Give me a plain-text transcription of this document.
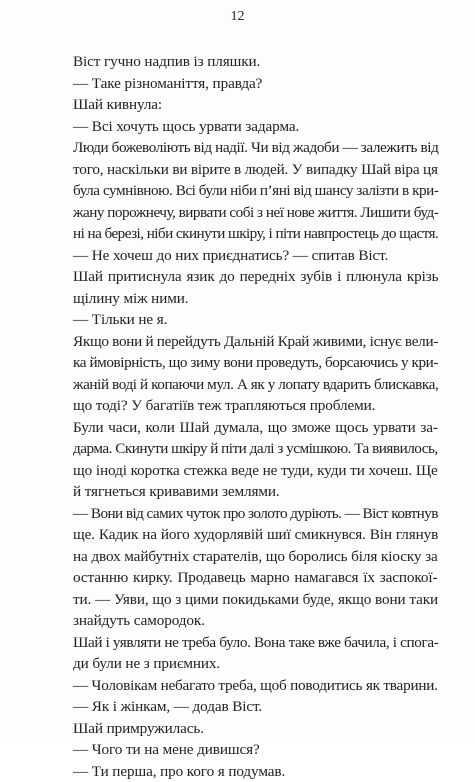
12
Віст гучно надпив із пляшки.
— Таке різноманіття, правда?
Шай кивнула:
— Всі хочуть щось урвати задарма.
Люди божеволіють від надії. Чи від жадоби — залежить від
того, наскільки ви вірите в людей. У випадку Шай віра ця
була сумнівною. Всі були ніби п’яні від шансу залізти в кри-
жану порожнечу, вирвати собі з неї нове життя. Лишити буд-
ні на березі, ніби скинути шкіру, і піти навпростець до щастя.
— Не хочеш до них приєднатись? — спитав Віст.
Шай притиснула язик до передніх зубів і плюнула крізь
щілину між ними.
— Тільки не я.
Якщо вони й перейдуть Дальній Край живими, існує вели-
ка ймовірність, що зиму вони проведуть, борсаючись у кри-
жаній воді й копаючи мул. А як у лопату вдарить блискавка,
що тоді? У багатіїв теж трапляються проблеми.
Були часи, коли Шай думала, що зможе щось урвати за-
дарма. Скинути шкіру й піти далі з усмішкою. Та виявилось,
що іноді коротка стежка веде не туди, куди ти хочеш. Ще
й тягнеться кривавими землями.
— Вони від самих чуток про золото дуріють. — Віст ковтнув
ще. Кадик на його худорлявій шиї смикнувся. Він глянув
на двох майбутніх старателів, що боролись біля кіоску за
останню кирку. Продавець марно намагався їх заспокої-
ти. — Уяви, що з цими покидьками буде, якщо вони таки
знайдуть самородок.
Шай і уявляти не треба було. Вона таке вже бачила, і спога-
ди були не з приємних.
— Чоловікам небагато треба, щоб поводитись як тварини.
— Як і жінкам, — додав Віст.
Шай примружилась.
— Чого ти на мене дивишся?
— Ти перша, про кого я подумав.
